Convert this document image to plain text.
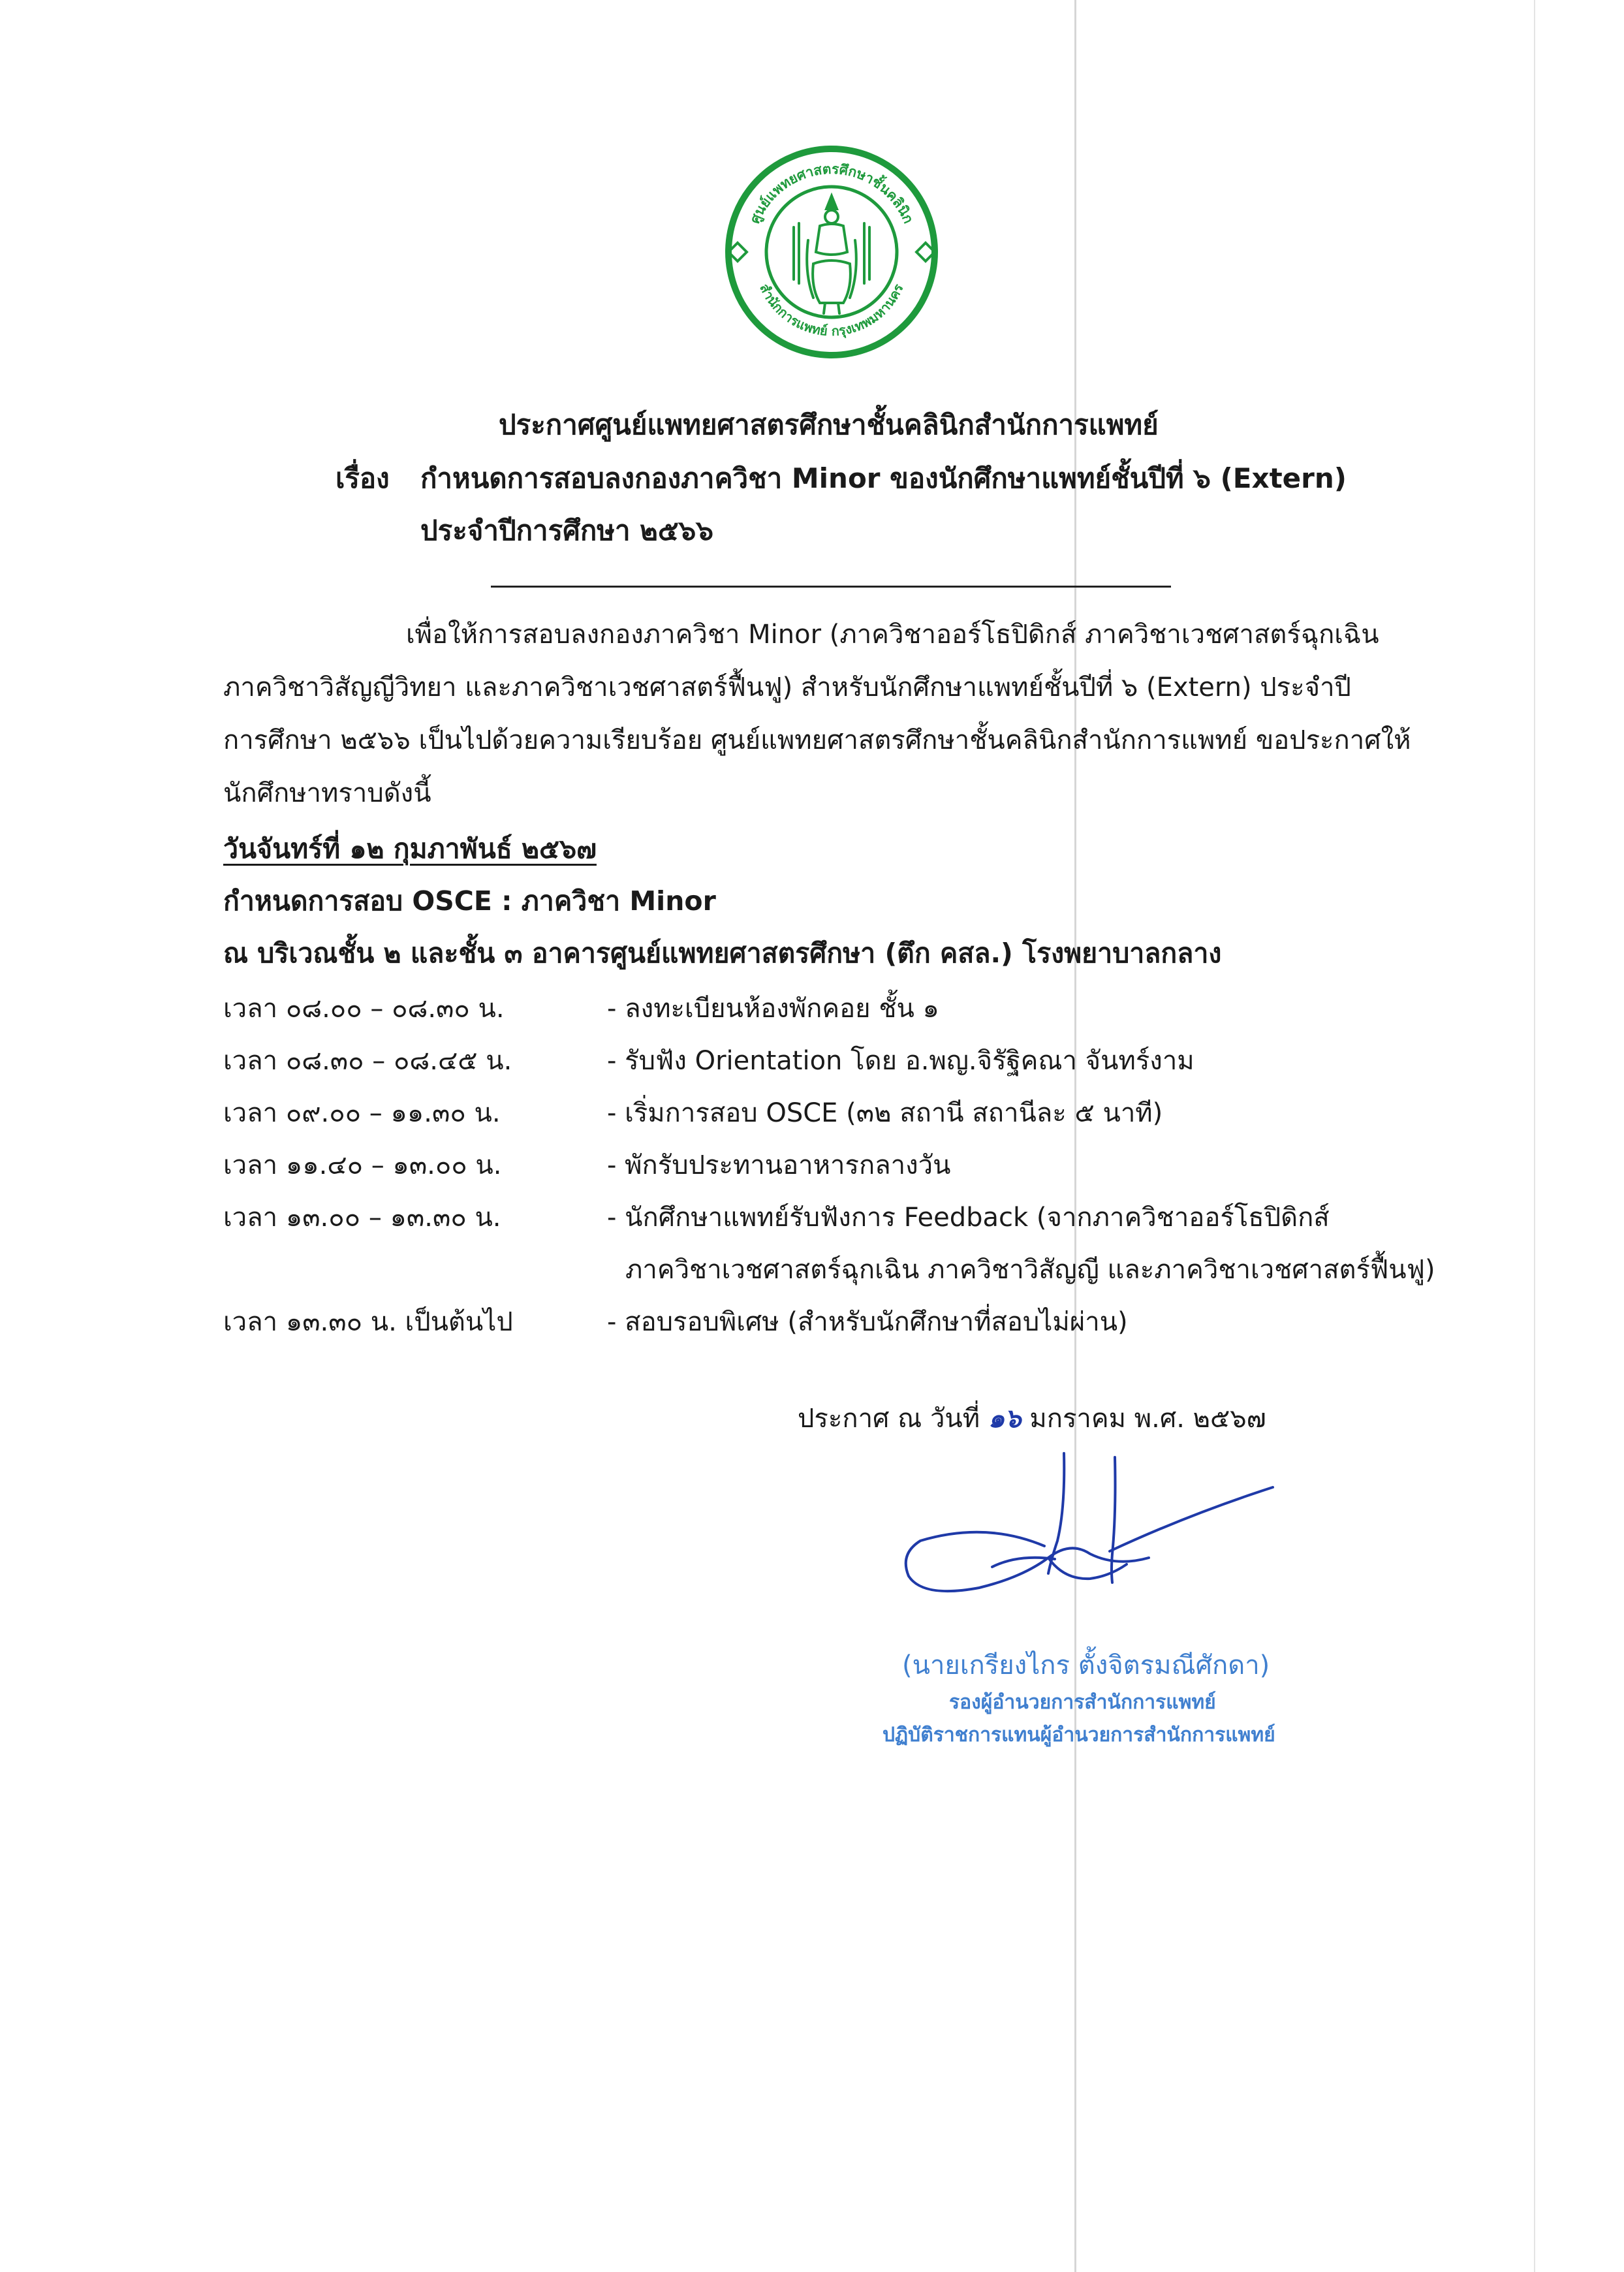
ศูนย์แพทยศาสตรศึกษาชั้นคลินิก
สำนักการแพทย์ กรุงเทพมหานคร
ประกาศศูนย์แพทยศาสตรศึกษาชั้นคลินิกสำนักการแพทย์
เรื่อง กำหนดการสอบลงกองภาควิชา Minor ของนักศึกษาแพทย์ชั้นปีที่ ๖ (Extern)
ประจำปีการศึกษา ๒๕๖๖
เพื่อให้การสอบลงกองภาควิชา Minor (ภาควิชาออร์โธปิดิกส์ ภาควิชาเวชศาสตร์ฉุกเฉิน
ภาควิชาวิสัญญีวิทยา และภาควิชาเวชศาสตร์ฟื้นฟู) สำหรับนักศึกษาแพทย์ชั้นปีที่ ๖ (Extern) ประจำปี
การศึกษา ๒๕๖๖ เป็นไปด้วยความเรียบร้อย ศูนย์แพทยศาสตรศึกษาชั้นคลินิกสำนักการแพทย์ ขอประกาศให้
นักศึกษาทราบดังนี้
วันจันทร์ที่ ๑๒ กุมภาพันธ์ ๒๕๖๗
กำหนดการสอบ OSCE : ภาควิชา Minor
ณ บริเวณชั้น ๒ และชั้น ๓ อาคารศูนย์แพทยศาสตรศึกษา (ตึก คสล.) โรงพยาบาลกลาง
เวลา ๐๘.๐๐ – ๐๘.๓๐ น.	- ลงทะเบียนห้องพักคอย ชั้น ๑
เวลา ๐๘.๓๐ – ๐๘.๔๕ น.	- รับฟัง Orientation โดย อ.พญ.จิรัฐิคณา จันทร์งาม
เวลา ๐๙.๐๐ – ๑๑.๓๐ น.	- เริ่มการสอบ OSCE (๓๒ สถานี สถานีละ ๕ นาที)
เวลา ๑๑.๔๐ – ๑๓.๐๐ น.	- พักรับประทานอาหารกลางวัน
เวลา ๑๓.๐๐ – ๑๓.๓๐ น.	- นักศึกษาแพทย์รับฟังการ Feedback (จากภาควิชาออร์โธปิดิกส์
ภาควิชาเวชศาสตร์ฉุกเฉิน ภาควิชาวิสัญญี และภาควิชาเวชศาสตร์ฟื้นฟู)
เวลา ๑๓.๓๐ น. เป็นต้นไป	- สอบรอบพิเศษ (สำหรับนักศึกษาที่สอบไม่ผ่าน)
ประกาศ ณ วันที่ ๑๖ มกราคม พ.ศ. ๒๕๖๗
(นายเกรียงไกร ตั้งจิตรมณีศักดา)
รองผู้อำนวยการสำนักการแพทย์
ปฏิบัติราชการแทนผู้อำนวยการสำนักการแพทย์
